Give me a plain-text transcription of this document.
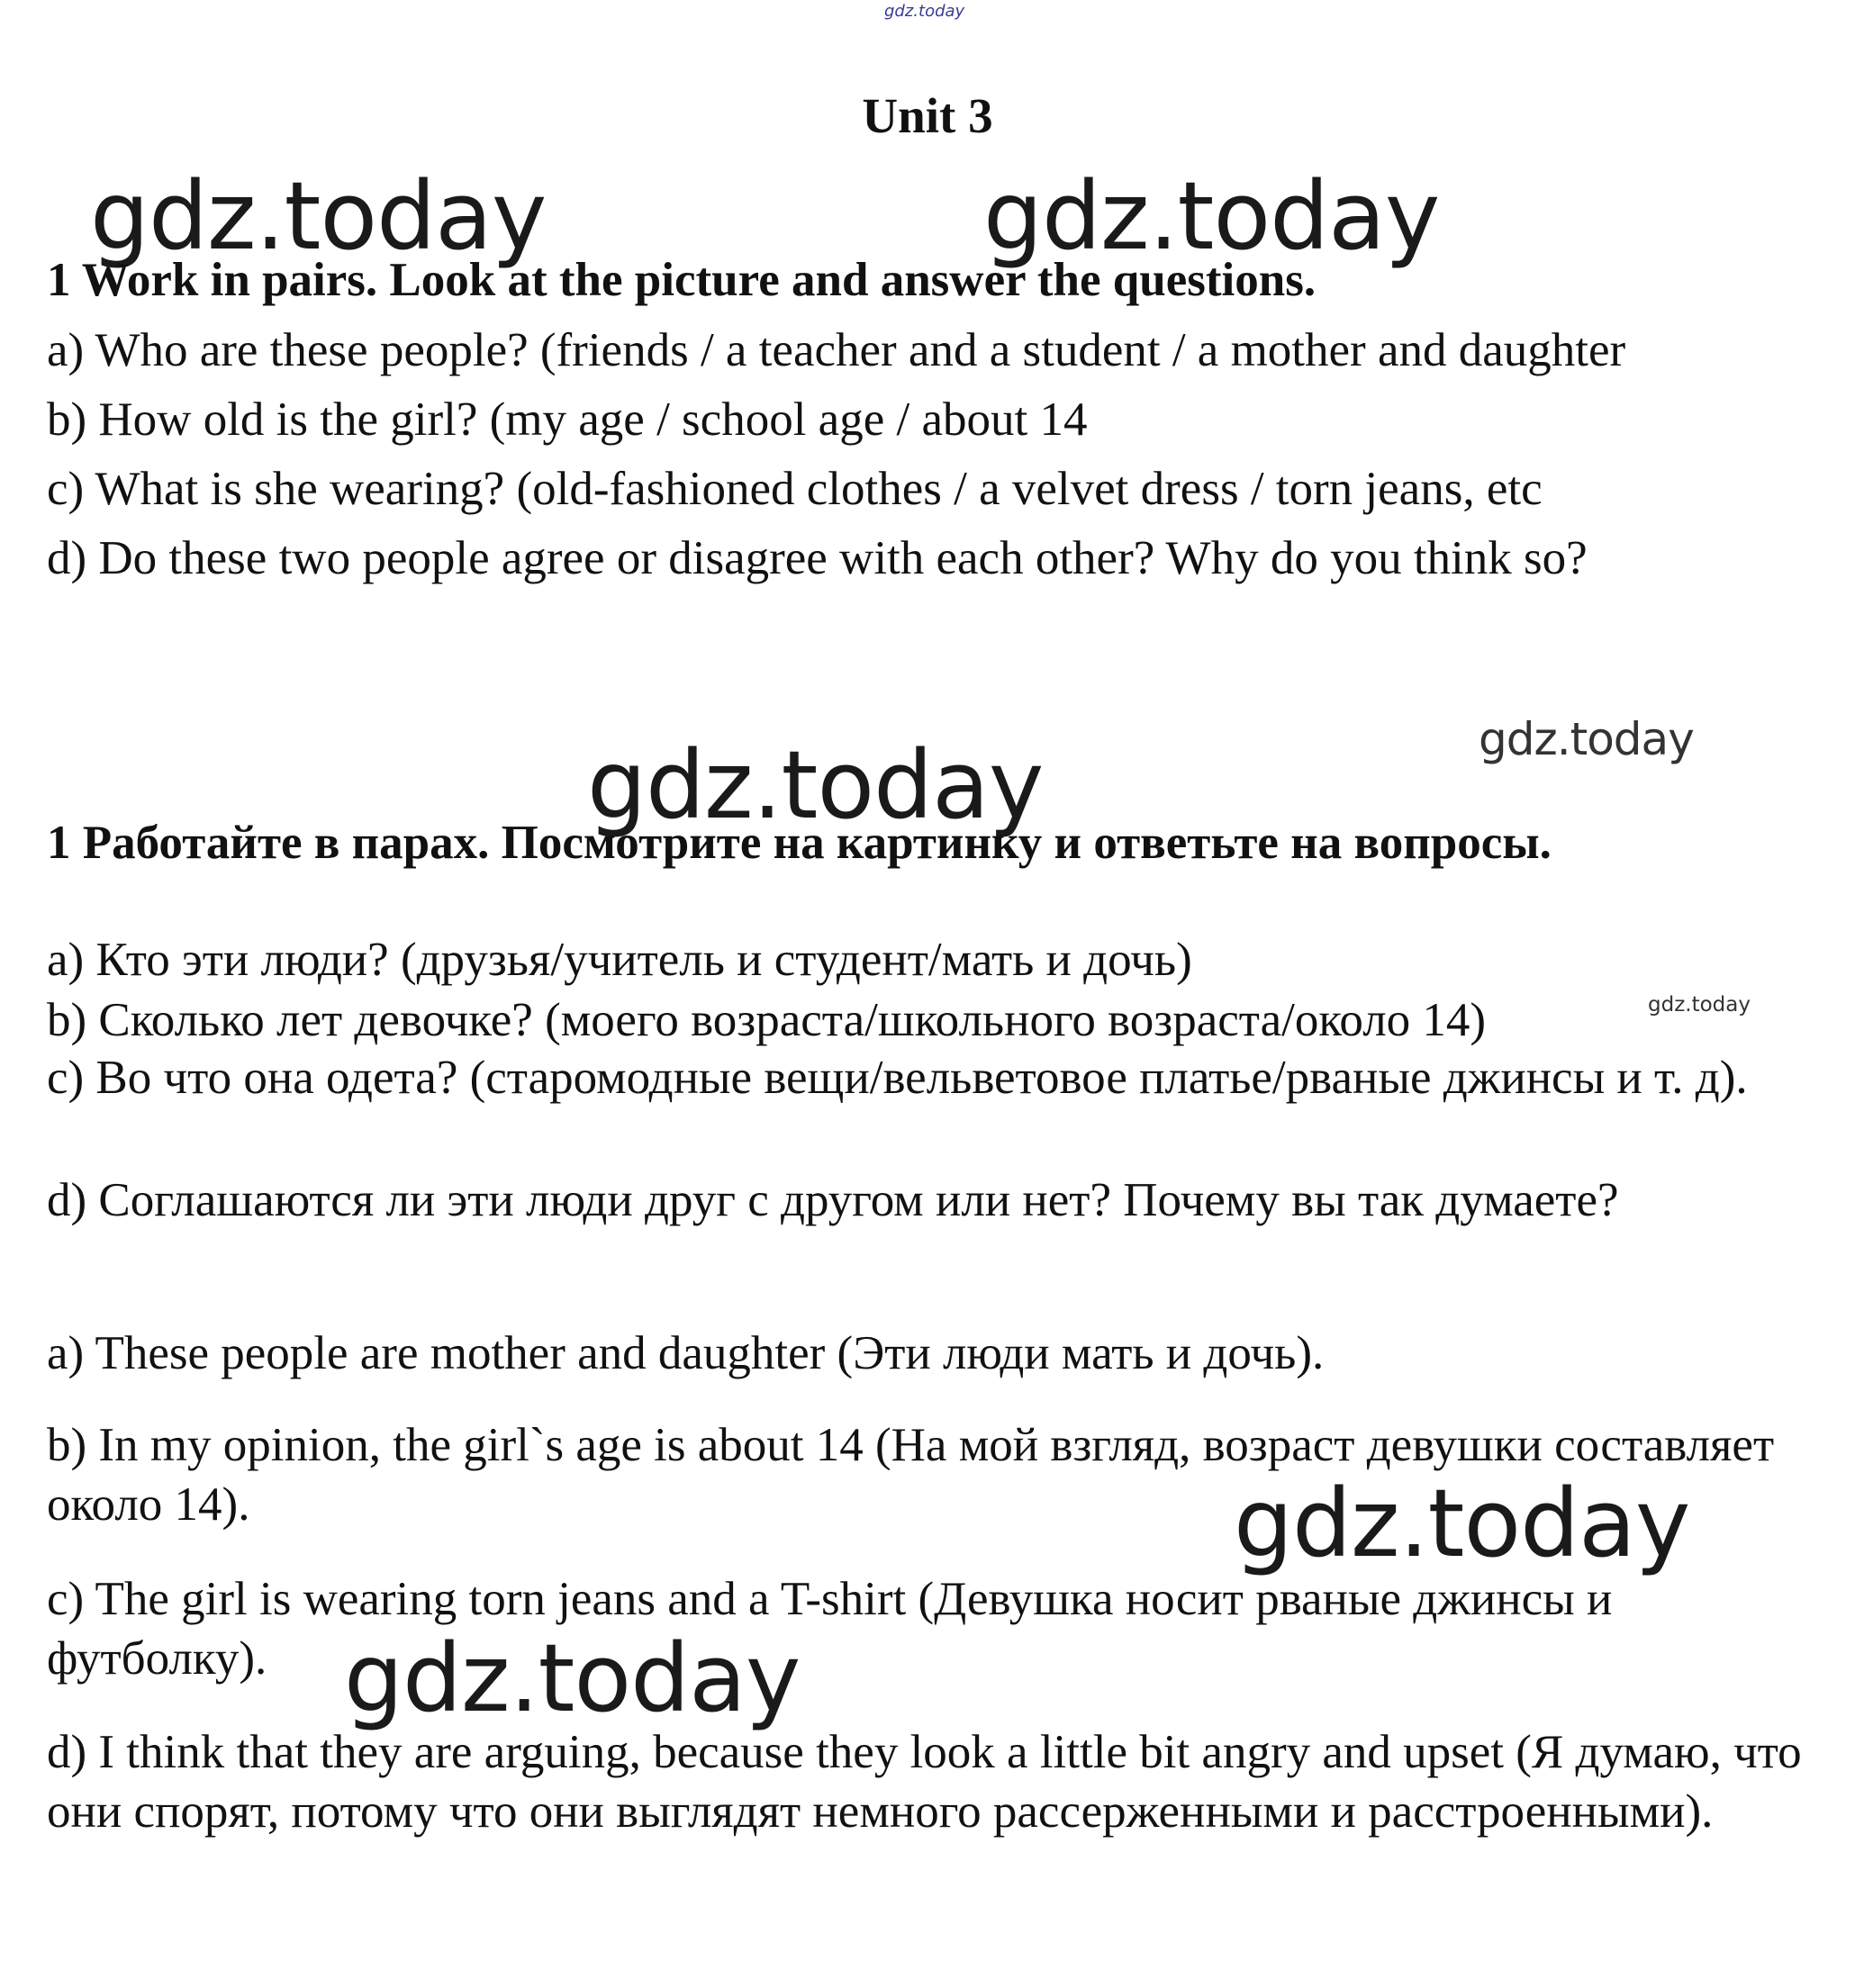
gdz.today
gdz.today	gdz.today
gdz.today
gdz.today
gdz.today
gdz.today
gdz.today
Unit 3
1 Work in pairs. Look at the picture and answer the questions.
a) Who are these people? (friends / a teacher and a student / a mother and daughter
b) How old is the girl? (my age / school age / about 14
c) What is she wearing? (old-fashioned clothes / a velvet dress / torn jeans, etc
d) Do these two people agree or disagree with each other? Why do you think so?
1 Работайте в парах. Посмотрите на картинку и ответьте на вопросы.
a) Кто эти люди? (друзья/учитель и студент/мать и дочь)
b) Сколько лет девочке? (моего возраста/школьного возраста/около 14)
c) Во что она одета? (старомодные вещи/вельветовое платье/рваные джинсы и т. д).
d) Соглашаются ли эти люди друг с другом или нет? Почему вы так думаете?
a) These people are mother and daughter (Эти люди мать и дочь).
b) In my opinion, the girl`s age is about 14 (На мой взгляд, возраст девушки составляет около 14).
c) The girl is wearing torn jeans and a T-shirt (Девушка носит рваные джинсы и футболку).
d) I think that they are arguing, because they look a little bit angry and upset (Я думаю, что они спорят, потому что они выглядят немного рассерженными и расстроенными).
